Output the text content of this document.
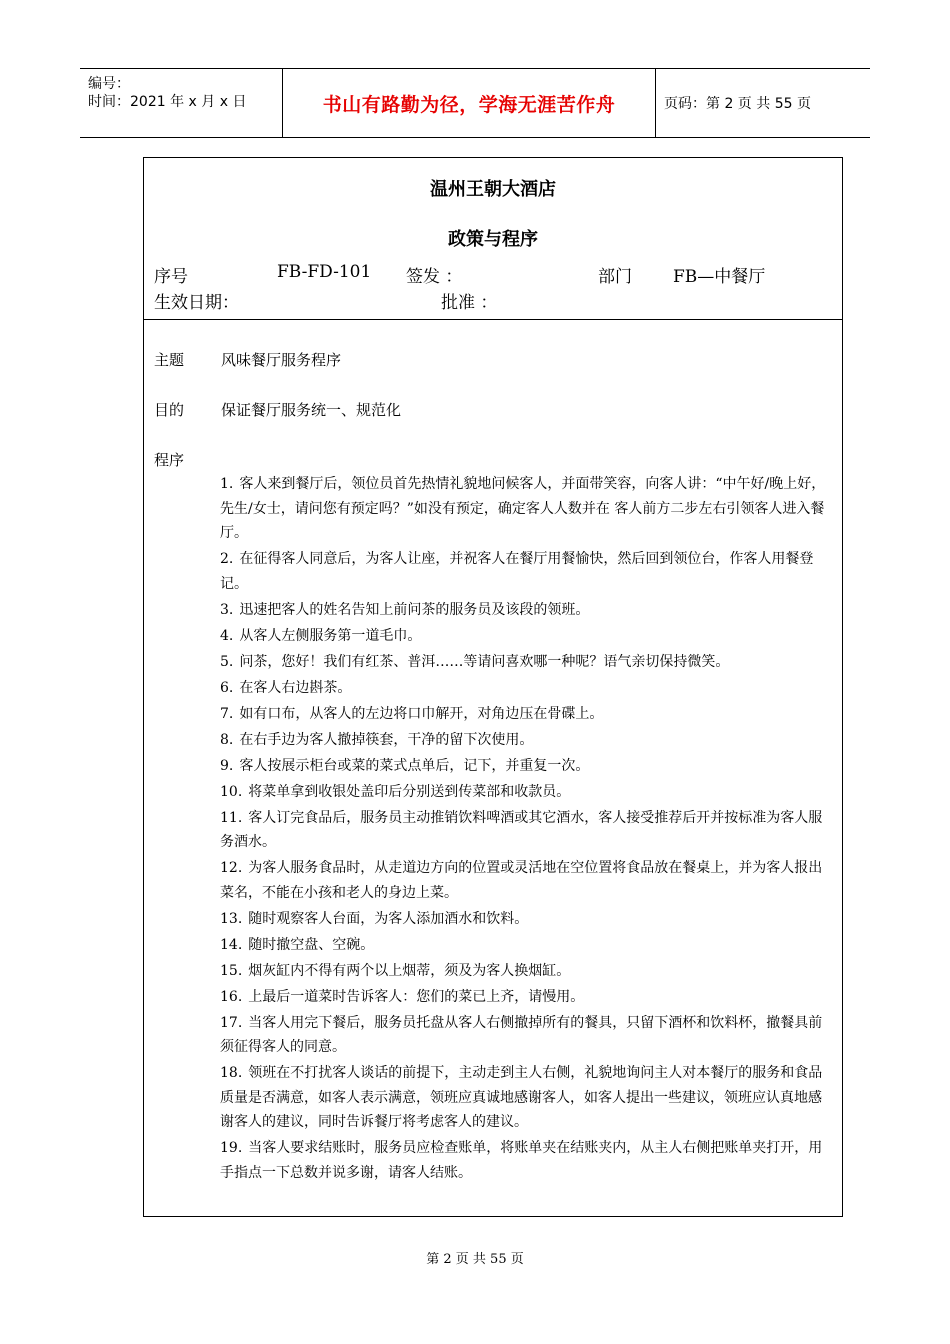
编号：
时间：2021 年 x 月 x 日	书山有路勤为径，学海无涯苦作舟	页码：第 2 页 共 55 页
温州王朝大酒店
政策与程序
序号	FB-FD-101 签发 ：	部门 FB—中餐厅
生效日期：	批准 ：
主题 风味餐厅服务程序
目的 保证餐厅服务统一、规范化
程序
1. 客人来到餐厅后，领位员首先热情礼貌地问候客人，并面带笑容，向客人讲：“中午好/晚上好，先生/女士，请问您有预定吗？”如没有预定，确定客人人数并在 客人前方二步左右引领客人进入餐厅。
2. 在征得客人同意后，为客人让座，并祝客人在餐厅用餐愉快，然后回到领位台，作客人用餐登记。
3. 迅速把客人的姓名告知上前问茶的服务员及该段的领班。
4. 从客人左侧服务第一道毛巾。
5. 问茶，您好！我们有红茶、普洱……等请问喜欢哪一种呢？语气亲切保持微笑。
6. 在客人右边斟茶。
7. 如有口布，从客人的左边将口巾解开，对角边压在骨碟上。
8. 在右手边为客人撤掉筷套，干净的留下次使用。
9. 客人按展示柜台或菜的菜式点单后，记下，并重复一次。
10. 将菜单拿到收银处盖印后分别送到传菜部和收款员。
11. 客人订完食品后，服务员主动推销饮料啤酒或其它酒水，客人接受推荐后开并按标准为客人服务酒水。
12. 为客人服务食品时，从走道边方向的位置或灵活地在空位置将食品放在餐桌上，并为客人报出菜名，不能在小孩和老人的身边上菜。
13. 随时观察客人台面，为客人添加酒水和饮料。
14. 随时撤空盘、空碗。
15. 烟灰缸内不得有两个以上烟蒂，须及为客人换烟缸。
16. 上最后一道菜时告诉客人：您们的菜已上齐，请慢用。
17. 当客人用完下餐后，服务员托盘从客人右侧撤掉所有的餐具，只留下酒杯和饮料杯，撤餐具前须征得客人的同意。
18. 领班在不打扰客人谈话的前提下，主动走到主人右侧，礼貌地询问主人对本餐厅的服务和食品质量是否满意，如客人表示满意，领班应真诚地感谢客人，如客人提出一些建议，领班应认真地感谢客人的建议，同时告诉餐厅将考虑客人的建议。
19. 当客人要求结账时，服务员应检查账单，将账单夹在结账夹内，从主人右侧把账单夹打开，用手指点一下总数并说多谢，请客人结账。
第 2 页 共 55 页
